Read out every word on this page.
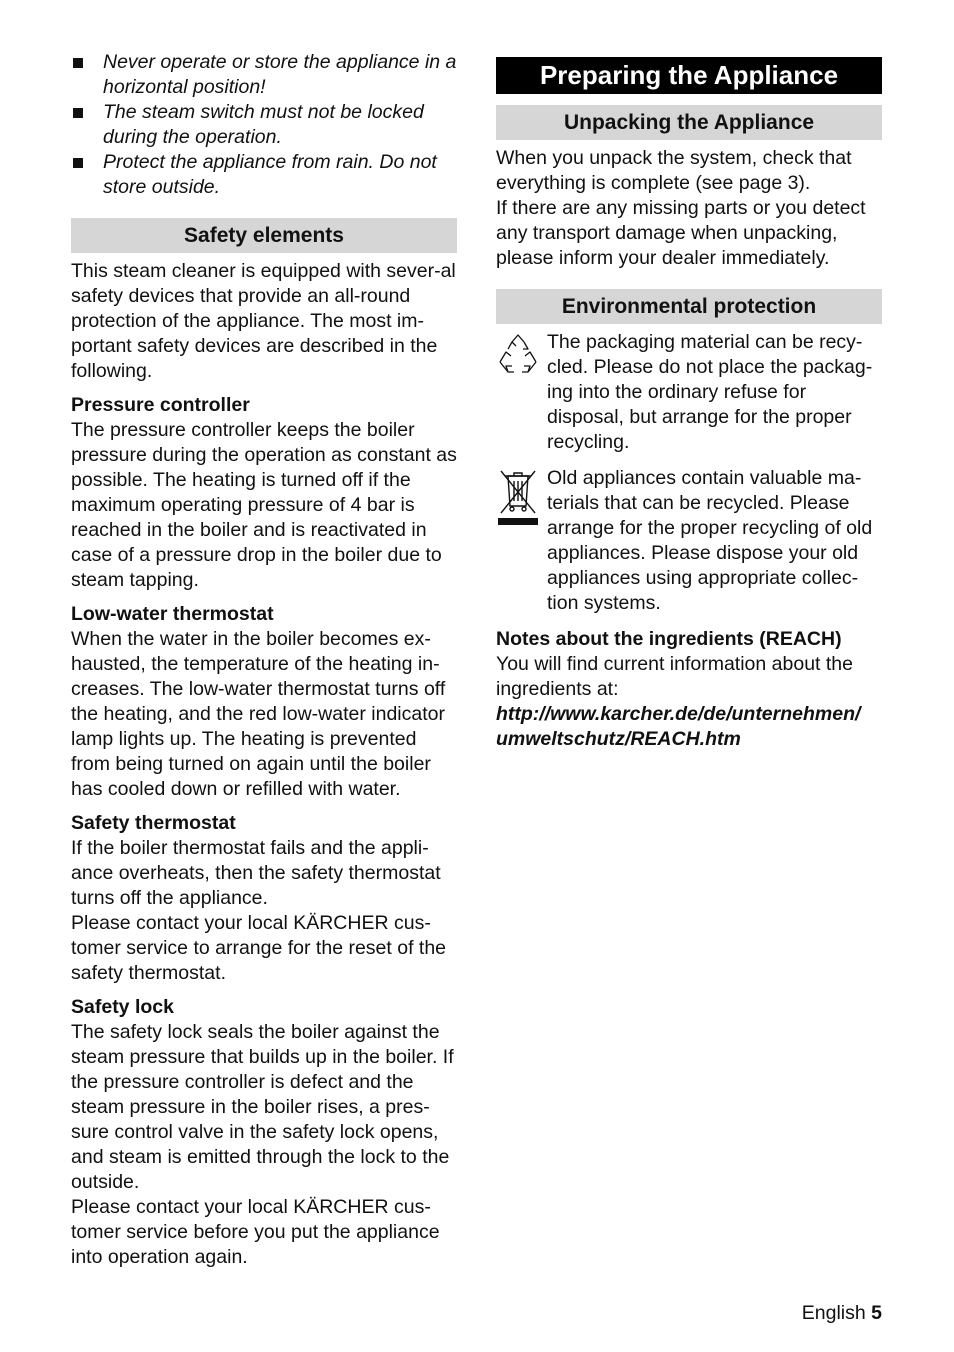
Never operate or store the appliance in a horizontal position!
The steam switch must not be locked during the operation.
Protect the appliance from rain. Do not store outside.
Safety elements

This steam cleaner is equipped with sever-al safety devices that provide an all-round protection of the appliance. The most im-portant safety devices are described in the following.

Pressure controller

The pressure controller keeps the boiler pressure during the operation as constant as possible. The heating is turned off if the maximum operating pressure of 4 bar is reached in the boiler and is reactivated in case of a pressure drop in the boiler due to steam tapping.

Low-water thermostat

When the water in the boiler becomes ex-hausted, the temperature of the heating in-creases. The low-water thermostat turns off the heating, and the red low-water indicator lamp lights up. The heating is prevented from being turned on again until the boiler has cooled down or refilled with water.

Safety thermostat

If the boiler thermostat fails and the appli-ance overheats, then the safety thermostat turns off the appliance.

Please contact your local KÄRCHER cus-tomer service to arrange for the reset of the safety thermostat.

Safety lock

The safety lock seals the boiler against the steam pressure that builds up in the boiler. If the pressure controller is defect and the steam pressure in the boiler rises, a pres-sure control valve in the safety lock opens, and steam is emitted through the lock to the outside.

Please contact your local KÄRCHER cus-tomer service before you put the appliance into operation again.

Preparing the Appliance
Unpacking the Appliance

When you unpack the system, check that everything is complete (see page 3).

If there are any missing parts or you detect any transport damage when unpacking, please inform your dealer immediately.

Environmental protection

The packaging material can be recy-cled. Please do not place the packag-ing into the ordinary refuse for disposal, but arrange for the proper recycling.

Old appliances contain valuable ma-terials that can be recycled. Please arrange for the proper recycling of old appliances. Please dispose your old appliances using appropriate collec-tion systems.

Notes about the ingredients (REACH)

You will find current information about the ingredients at:

http://www.karcher.de/de/unternehmen/ umweltschutz/REACH.htm

English 5
